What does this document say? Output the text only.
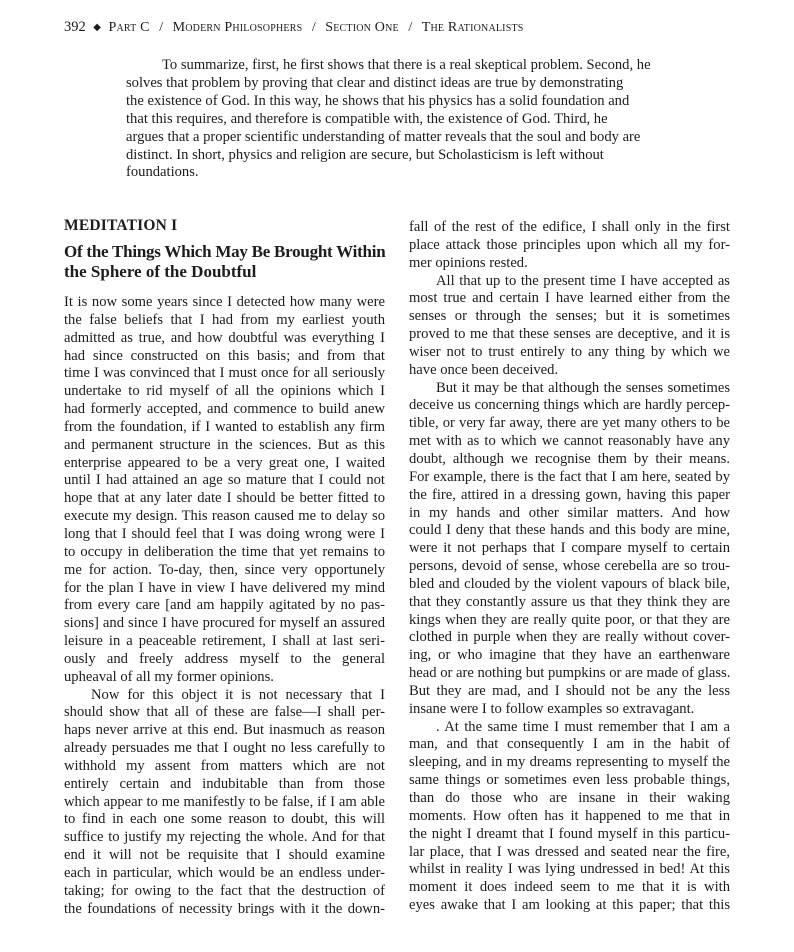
392 ◆ Part C / Modern Philosophers / Section One / The Rationalists
To summarize, first, he first shows that there is a real skeptical problem. Second, he
solves that problem by proving that clear and distinct ideas are true by demonstrating
the existence of God. In this way, he shows that his physics has a solid foundation and
that this requires, and therefore is compatible with, the existence of God. Third, he
argues that a proper scientific understanding of matter reveals that the soul and body are
distinct. In short, physics and religion are secure, but Scholasticism is left without
foundations.
MEDITATION I
Of the Things Which May Be Brought Within
the Sphere of the Doubtful
It is now some years since I detected how many were
the false beliefs that I had from my earliest youth
admitted as true, and how doubtful was everything I
had since constructed on this basis; and from that
time I was convinced that I must once for all seriously
undertake to rid myself of all the opinions which I
had formerly accepted, and commence to build anew
from the foundation, if I wanted to establish any firm
and permanent structure in the sciences. But as this
enterprise appeared to be a very great one, I waited
until I had attained an age so mature that I could not
hope that at any later date I should be better fitted to
execute my design. This reason caused me to delay so
long that I should feel that I was doing wrong were I
to occupy in deliberation the time that yet remains to
me for action. To-day, then, since very opportunely
for the plan I have in view I have delivered my mind
from every care [and am happily agitated by no pas-
sions] and since I have procured for myself an assured
leisure in a peaceable retirement, I shall at last seri-
ously and freely address myself to the general
upheaval of all my former opinions.
Now for this object it is not necessary that I
should show that all of these are false—I shall per-
haps never arrive at this end. But inasmuch as reason
already persuades me that I ought no less carefully to
withhold my assent from matters which are not
entirely certain and indubitable than from those
which appear to me manifestly to be false, if I am able
to find in each one some reason to doubt, this will
suffice to justify my rejecting the whole. And for that
end it will not be requisite that I should examine
each in particular, which would be an endless under-
taking; for owing to the fact that the destruction of
the foundations of necessity brings with it the down-
fall of the rest of the edifice, I shall only in the first
place attack those principles upon which all my for-
mer opinions rested.
All that up to the present time I have accepted as
most true and certain I have learned either from the
senses or through the senses; but it is sometimes
proved to me that these senses are deceptive, and it is
wiser not to trust entirely to any thing by which we
have once been deceived.
But it may be that although the senses sometimes
deceive us concerning things which are hardly percep-
tible, or very far away, there are yet many others to be
met with as to which we cannot reasonably have any
doubt, although we recognise them by their means.
For example, there is the fact that I am here, seated by
the fire, attired in a dressing gown, having this paper
in my hands and other similar matters. And how
could I deny that these hands and this body are mine,
were it not perhaps that I compare myself to certain
persons, devoid of sense, whose cerebella are so trou-
bled and clouded by the violent vapours of black bile,
that they constantly assure us that they think they are
kings when they are really quite poor, or that they are
clothed in purple when they are really without cover-
ing, or who imagine that they have an earthenware
head or are nothing but pumpkins or are made of glass.
But they are mad, and I should not be any the less
insane were I to follow examples so extravagant.
. At the same time I must remember that I am a
man, and that consequently I am in the habit of
sleeping, and in my dreams representing to myself the
same things or sometimes even less probable things,
than do those who are insane in their waking
moments. How often has it happened to me that in
the night I dreamt that I found myself in this particu-
lar place, that I was dressed and seated near the fire,
whilst in reality I was lying undressed in bed! At this
moment it does indeed seem to me that it is with
eyes awake that I am looking at this paper; that this
